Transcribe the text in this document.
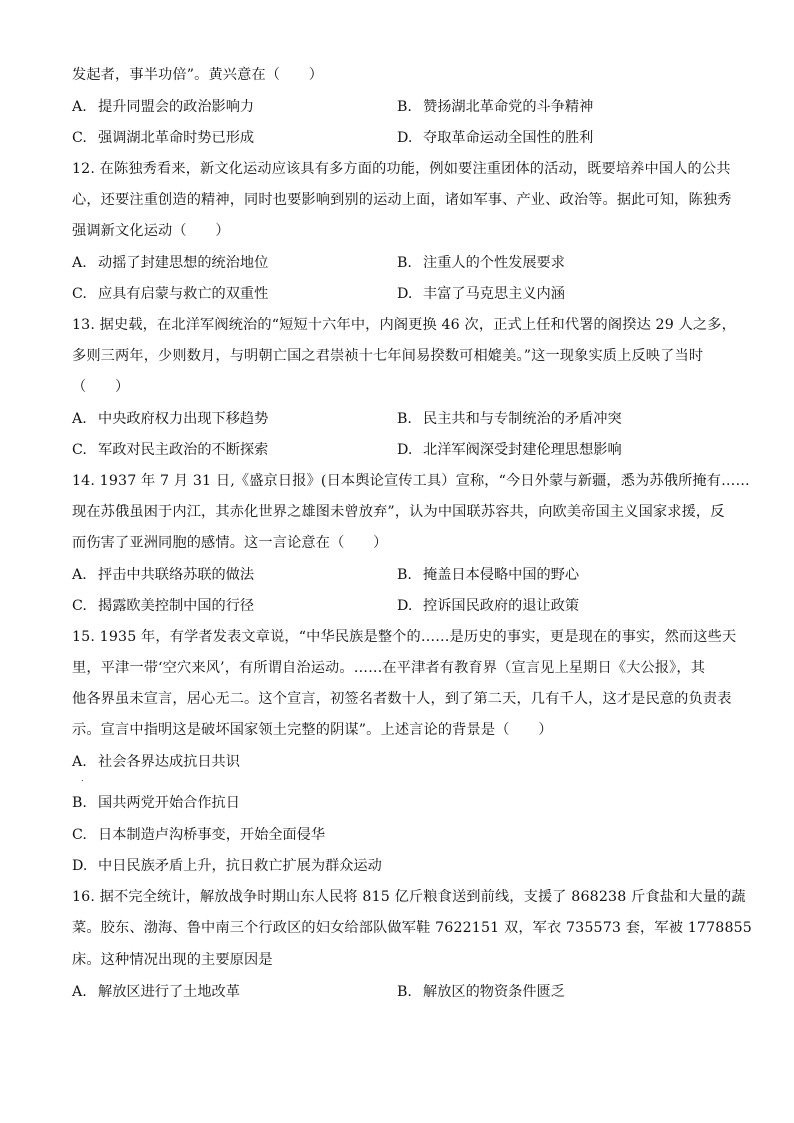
发起者，事半功倍”。黄兴意在（　　）
A. 提升同盟会的政治影响力	B. 赞扬湖北革命党的斗争精神
C. 强调湖北革命时势已形成	D. 夺取革命运动全国性的胜利
12. 在陈独秀看来，新文化运动应该具有多方面的功能，例如要注重团体的活动，既要培养中国人的公共
心，还要注重创造的精神，同时也要影响到别的运动上面，诸如军事、产业、政治等。据此可知，陈独秀
强调新文化运动（　　）
A. 动摇了封建思想的统治地位	B. 注重人的个性发展要求
C. 应具有启蒙与救亡的双重性	D. 丰富了马克思主义内涵
13. 据史载，在北洋军阀统治的“短短十六年中，内阁更换 46 次，正式上任和代署的阁揆达 29 人之多，
多则三两年，少则数月，与明朝亡国之君崇祯十七年间易揆数可相媲美。”这一现象实质上反映了当时
（　　）
A. 中央政府权力出现下移趋势	B. 民主共和与专制统治的矛盾冲突
C. 军政对民主政治的不断探索	D. 北洋军阀深受封建伦理思想影响
14. 1937 年 7 月 31 日,《盛京日报》(日本舆论宣传工具）宣称，“今日外蒙与新疆，悉为苏俄所掩有……
现在苏俄虽困于内江，其赤化世界之雄图未曾放弃”，认为中国联苏容共，向欧美帝国主义国家求援，反
而伤害了亚洲同胞的感情。这一言论意在（　　）
A. 抨击中共联络苏联的做法	B. 掩盖日本侵略中国的野心
C. 揭露欧美控制中国的行径	D. 控诉国民政府的退让政策
15. 1935 年，有学者发表文章说，“中华民族是整个的……是历史的事实，更是现在的事实，然而这些天
里，平津一带‘空穴来风’，有所谓自治运动。……在平津者有教育界（宣言见上星期日《大公报》，其
他各界虽未宣言，居心无二。这个宣言，初签名者数十人，到了第二天，几有千人，这才是民意的负责表
示。宣言中指明这是破坏国家领土完整的阴谋”。上述言论的背景是（　　）
A. 社会各界达成抗日共识
.
B. 国共两党开始合作抗日
C. 日本制造卢沟桥事变，开始全面侵华
D. 中日民族矛盾上升，抗日救亡扩展为群众运动
16. 据不完全统计，解放战争时期山东人民将 815 亿斤粮食送到前线，支援了 868238 斤食盐和大量的蔬
菜。胶东、渤海、鲁中南三个行政区的妇女给部队做军鞋 7622151 双，军衣 735573 套，军被 1778855
床。这种情况出现的主要原因是
A. 解放区进行了土地改革	B. 解放区的物资条件匮乏
